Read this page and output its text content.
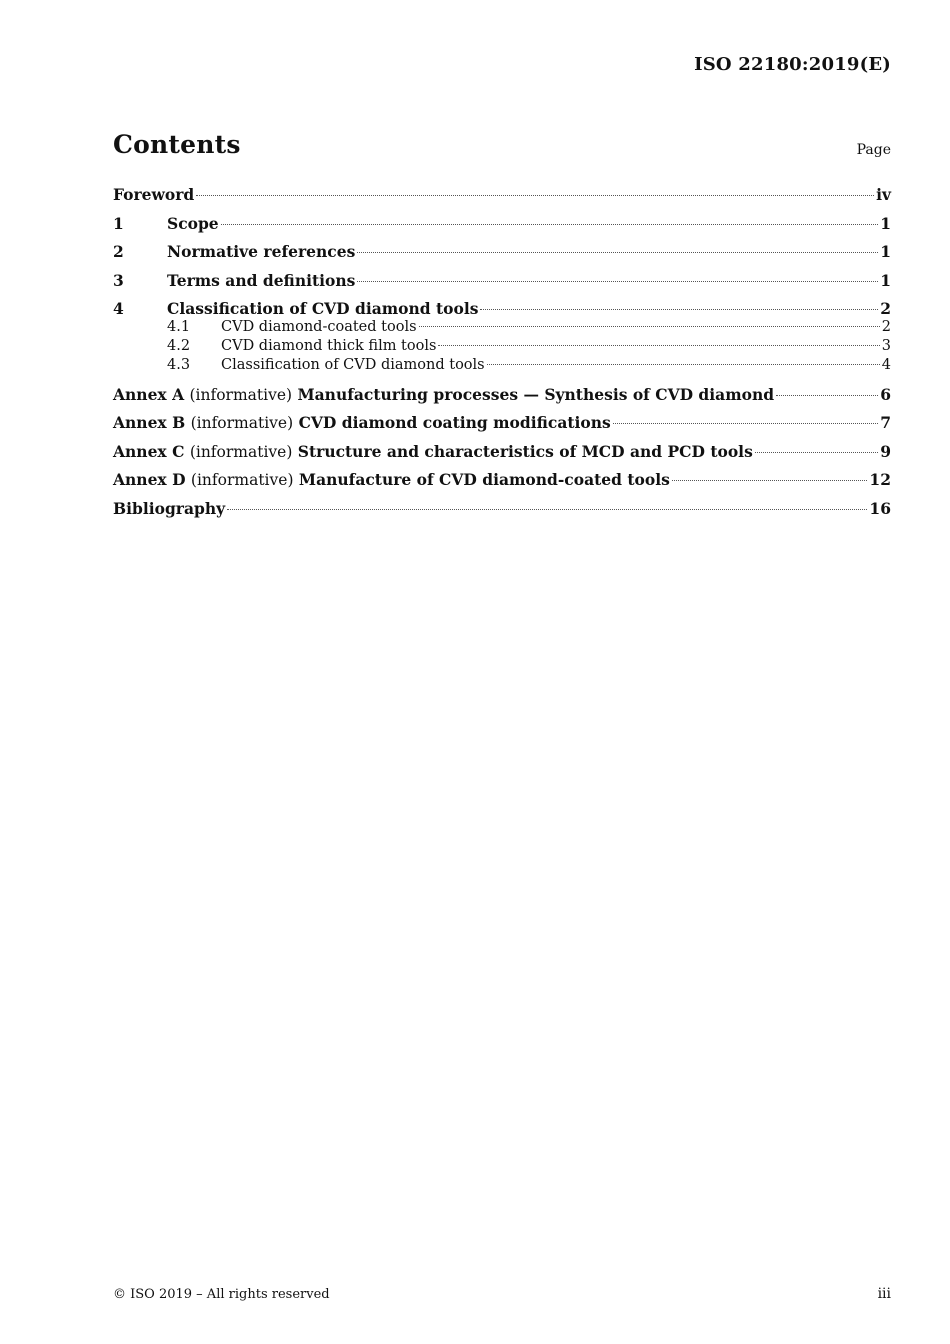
ISO 22180:2019(E)
Contents	Page
Foreword	iv
1	Scope	1
2	Normative references	1
3	Terms and definitions	1
4	Classification of CVD diamond tools	2
4.1	CVD diamond-coated tools	2
4.2	CVD diamond thick film tools	3
4.3	Classification of CVD diamond tools	4
Annex A (informative) Manufacturing processes — Synthesis of CVD diamond	6
Annex B (informative) CVD diamond coating modifications	7
Annex C (informative) Structure and characteristics of MCD and PCD tools	9
Annex D (informative) Manufacture of CVD diamond-coated tools	12
Bibliography	16
© ISO 2019 – All rights reserved	iii
